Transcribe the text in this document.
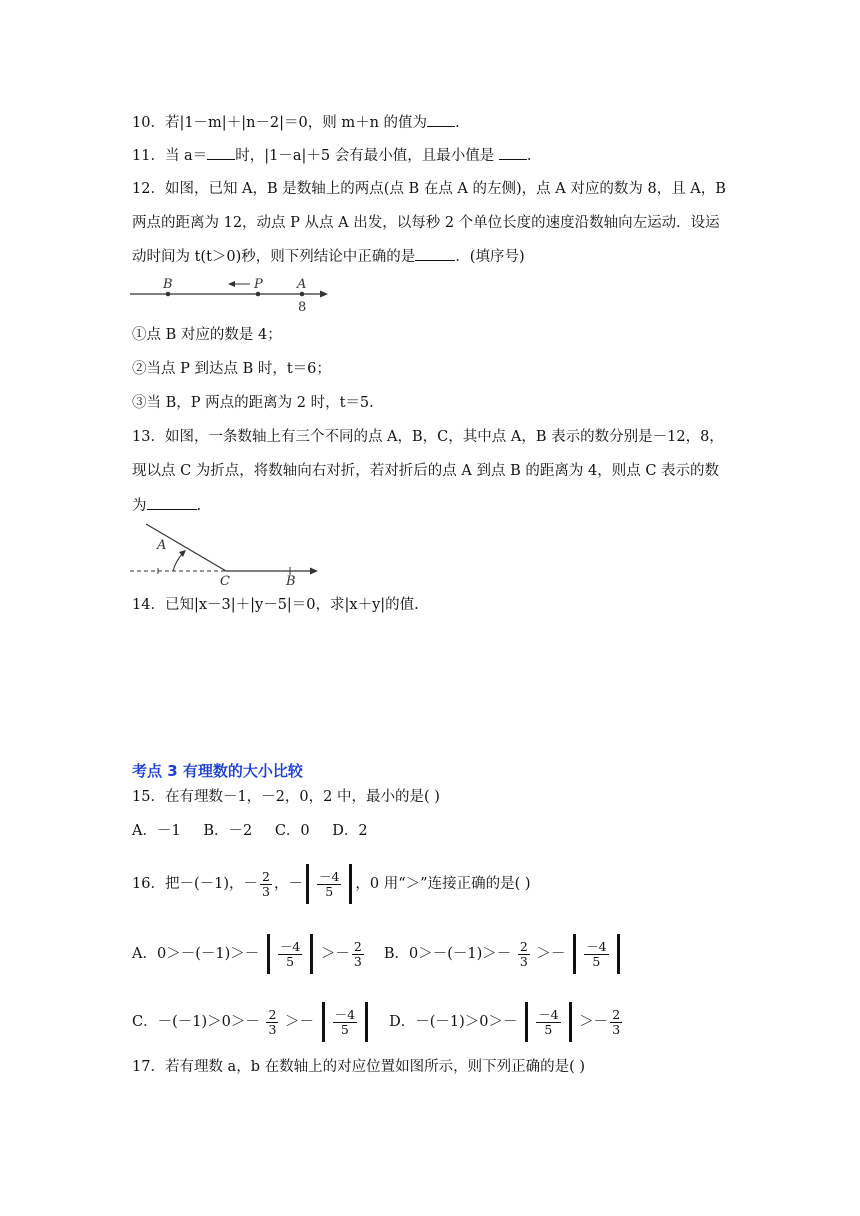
10．若|1－m|＋|n－2|＝0，则 m＋n 的值为 .
11．当 a＝ 时，|1－a|＋5 会有最小值，且最小值是 .
12．如图，已知 A，B 是数轴上的两点(点 B 在点 A 的左侧)，点 A 对应的数为 8，且 A，B
两点的距离为 12，动点 P 从点 A 出发，以每秒 2 个单位长度的速度沿数轴向左运动．设运
动时间为 t(t＞0)秒，则下列结论中正确的是	．(填序号)
B	P	A
8
①点 B 对应的数是 4；
②当点 P 到达点 B 时，t＝6；
③当 B，P 两点的距离为 2 时，t＝5.
13．如图，一条数轴上有三个不同的点 A，B，C，其中点 A，B 表示的数分别是－12，8，
现以点 C 为折点，将数轴向右对折，若对折后的点 A 到点 B 的距离为 4，则点 C 表示的数
为	.
A
C	B
14．已知|x－3|＋|y－5|＝0，求|x＋y|的值.
考点 3 有理数的大小比较
15．在有理数－1，－2，0，2 中，最小的是( )
A．－1 B．－2 C．0 D．2
16．把－(－1)，－ $\frac{2}{3}$ ，－ $\frac{-4}{5}$ ，0 用“＞”连接正确的是( )
A．$0>-(-1)>- \frac{-4}{5} >- \frac{2}{3}$ B．$0>-(-1)>- \frac{2}{3} >- \frac{-4}{5}$
C．$-(-1)>0>- \frac{2}{3} >- \frac{-4}{5}$ D．$-(-1)>0>- \frac{-4}{5} >- \frac{2}{3}$
17．若有理数 a，b 在数轴上的对应位置如图所示，则下列正确的是( )
